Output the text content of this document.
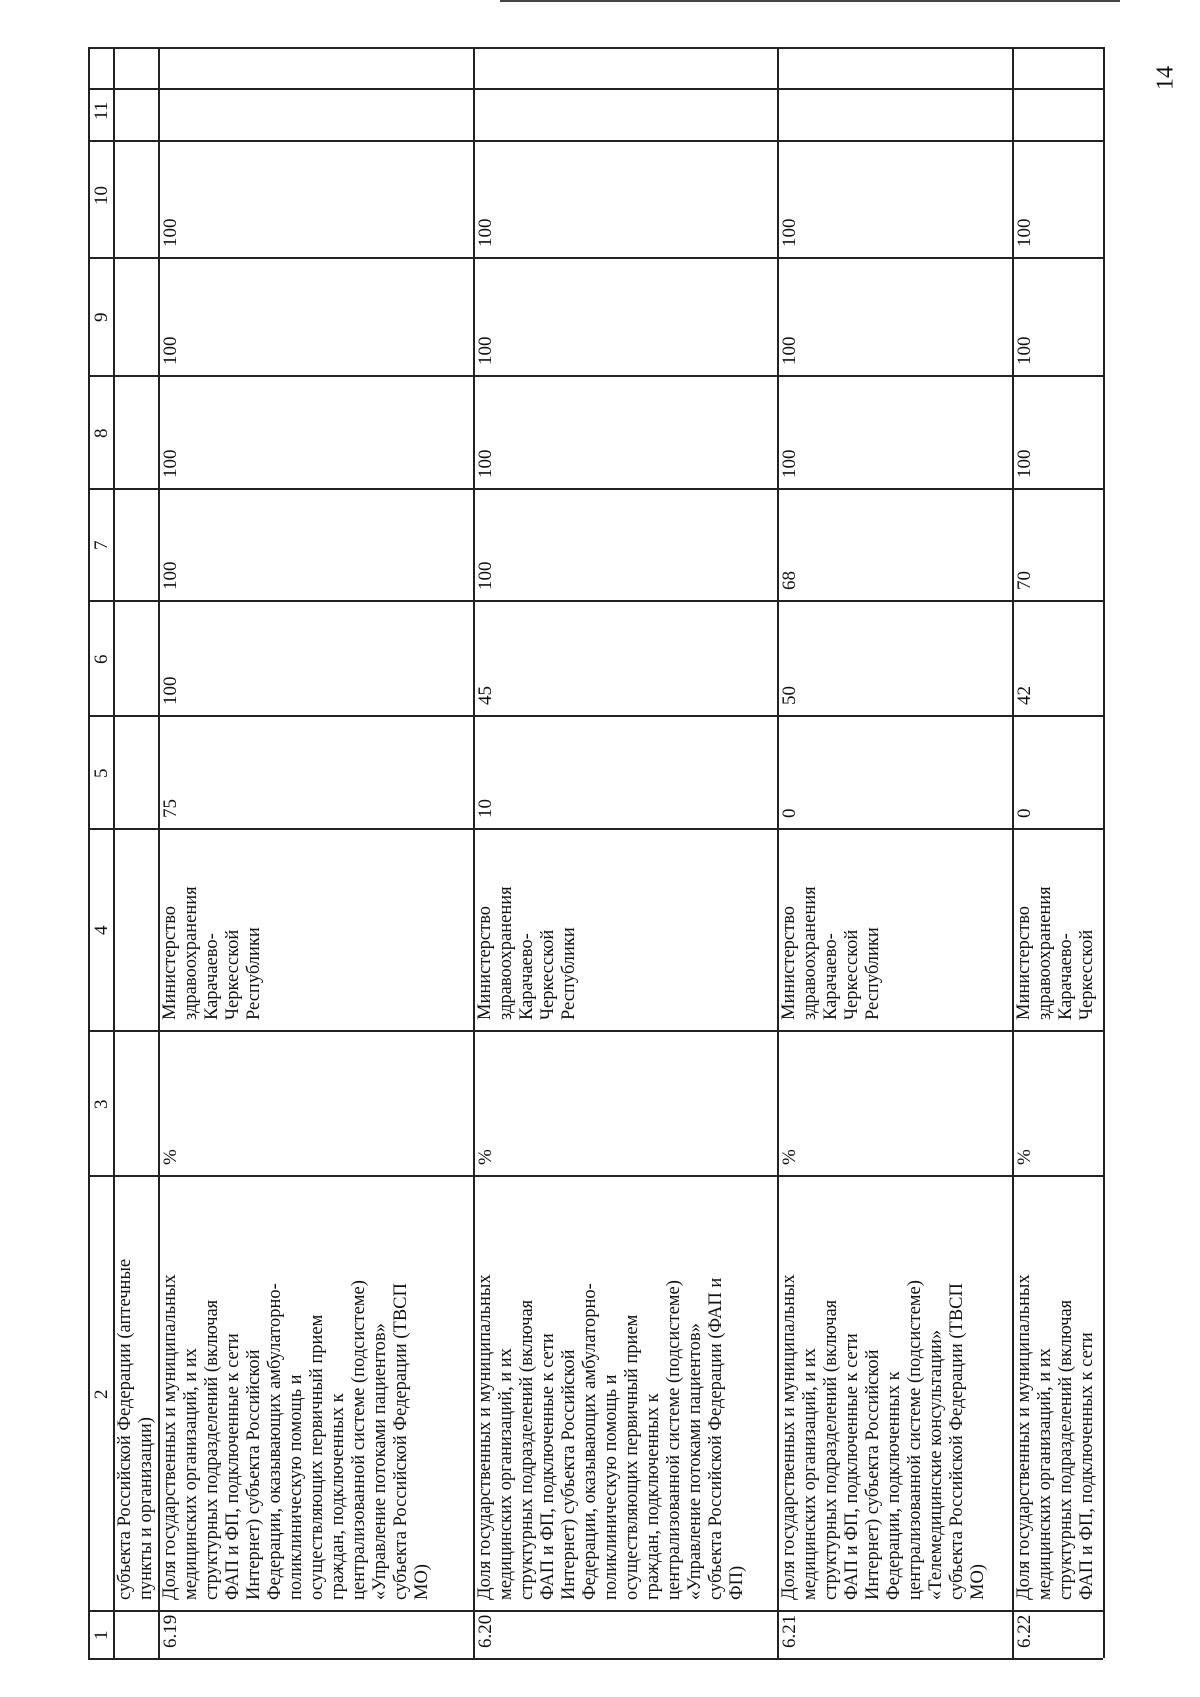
14
1
2
3
4
5
6
7
8
9
10
11
субъекта Российской Федерации (аптечные пункты и организации)
6.19
Доля государственных и муниципальных медицинских организаций, и их структурных подразделений (включая ФАП и ФП, подключенные к сети Интернет) субъекта Российской Федерации, оказывающих амбулаторно- поликлиническую помощь и осуществляющих первичный прием граждан, подключенных к централизованной системе (подсистеме) «Управление потоками пациентов» субъекта Российской Федерации (ТВСП МО)
%
Министерство здравоохранения Карачаево- Черкесской Республики
75
100
100
100
100
100
6.20
Доля государственных и муниципальных медицинских организаций, и их структурных подразделений (включая ФАП и ФП, подключенные к сети Интернет) субъекта Российской Федерации, оказывающих амбулаторно- поликлиническую помощь и осуществляющих первичный прием граждан, подключенных к централизованной системе (подсистеме) «Управление потоками пациентов» субъекта Российской Федерации (ФАП и ФП)
%
Министерство здравоохранения Карачаево- Черкесской Республики
10
45
100
100
100
100
6.21
Доля государственных и муниципальных медицинских организаций, и их структурных подразделений (включая ФАП и ФП, подключенные к сети Интернет) субъекта Российской Федерации, подключенных к централизованной системе (подсистеме) «Телемедицинские консультации» субъекта Российской Федерации (ТВСП МО)
%
Министерство здравоохранения Карачаево- Черкесской Республики
0
50
68
100
100
100
6.22
Доля государственных и муниципальных медицинских организаций, и их структурных подразделений (включая ФАП и ФП, подключенных к сети
%
Министерство здравоохранения Карачаево- Черкесской
0
42
70
100
100
100
